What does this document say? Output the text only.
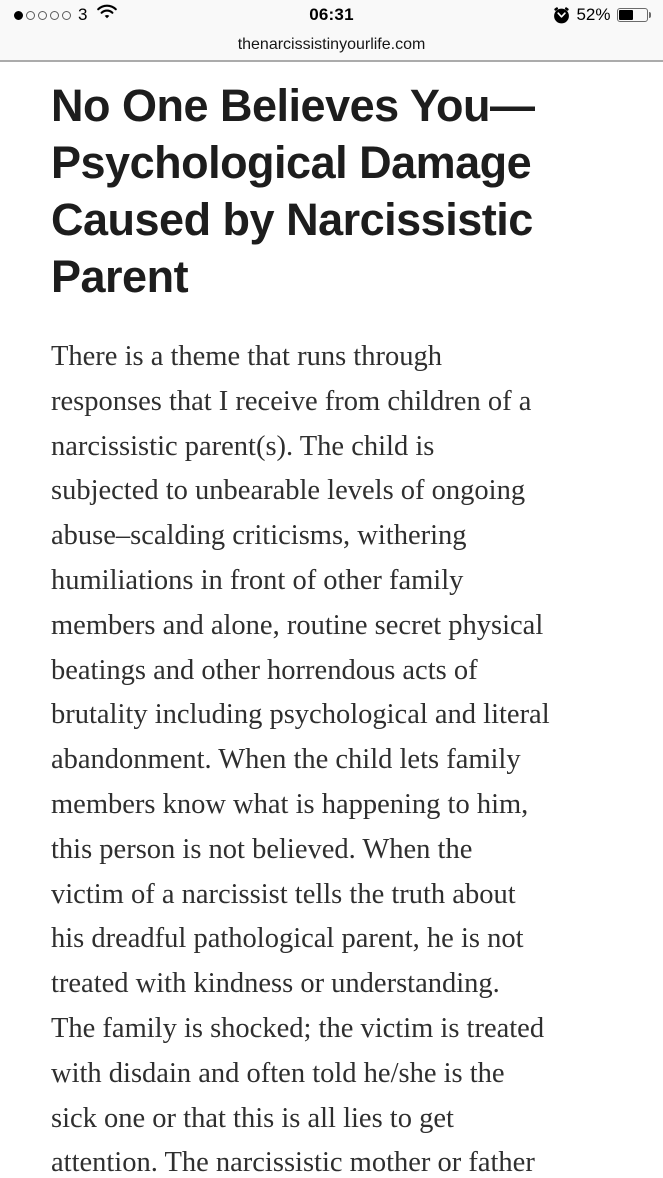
3	06:31	52%
thenarcissistinyourlife.com
No One Believes You—
Psychological Damage
Caused by Narcissistic
Parent
There is a theme that runs through
responses that I receive from children of a
narcissistic parent(s). The child is
subjected to unbearable levels of ongoing
abuse–scalding criticisms, withering
humiliations in front of other family
members and alone, routine secret physical
beatings and other horrendous acts of
brutality including psychological and literal
abandonment. When the child lets family
members know what is happening to him,
this person is not believed. When the
victim of a narcissist tells the truth about
his dreadful pathological parent, he is not
treated with kindness or understanding.
The family is shocked; the victim is treated
with disdain and often told he/she is the
sick one or that this is all lies to get
attention. The narcissistic mother or father
